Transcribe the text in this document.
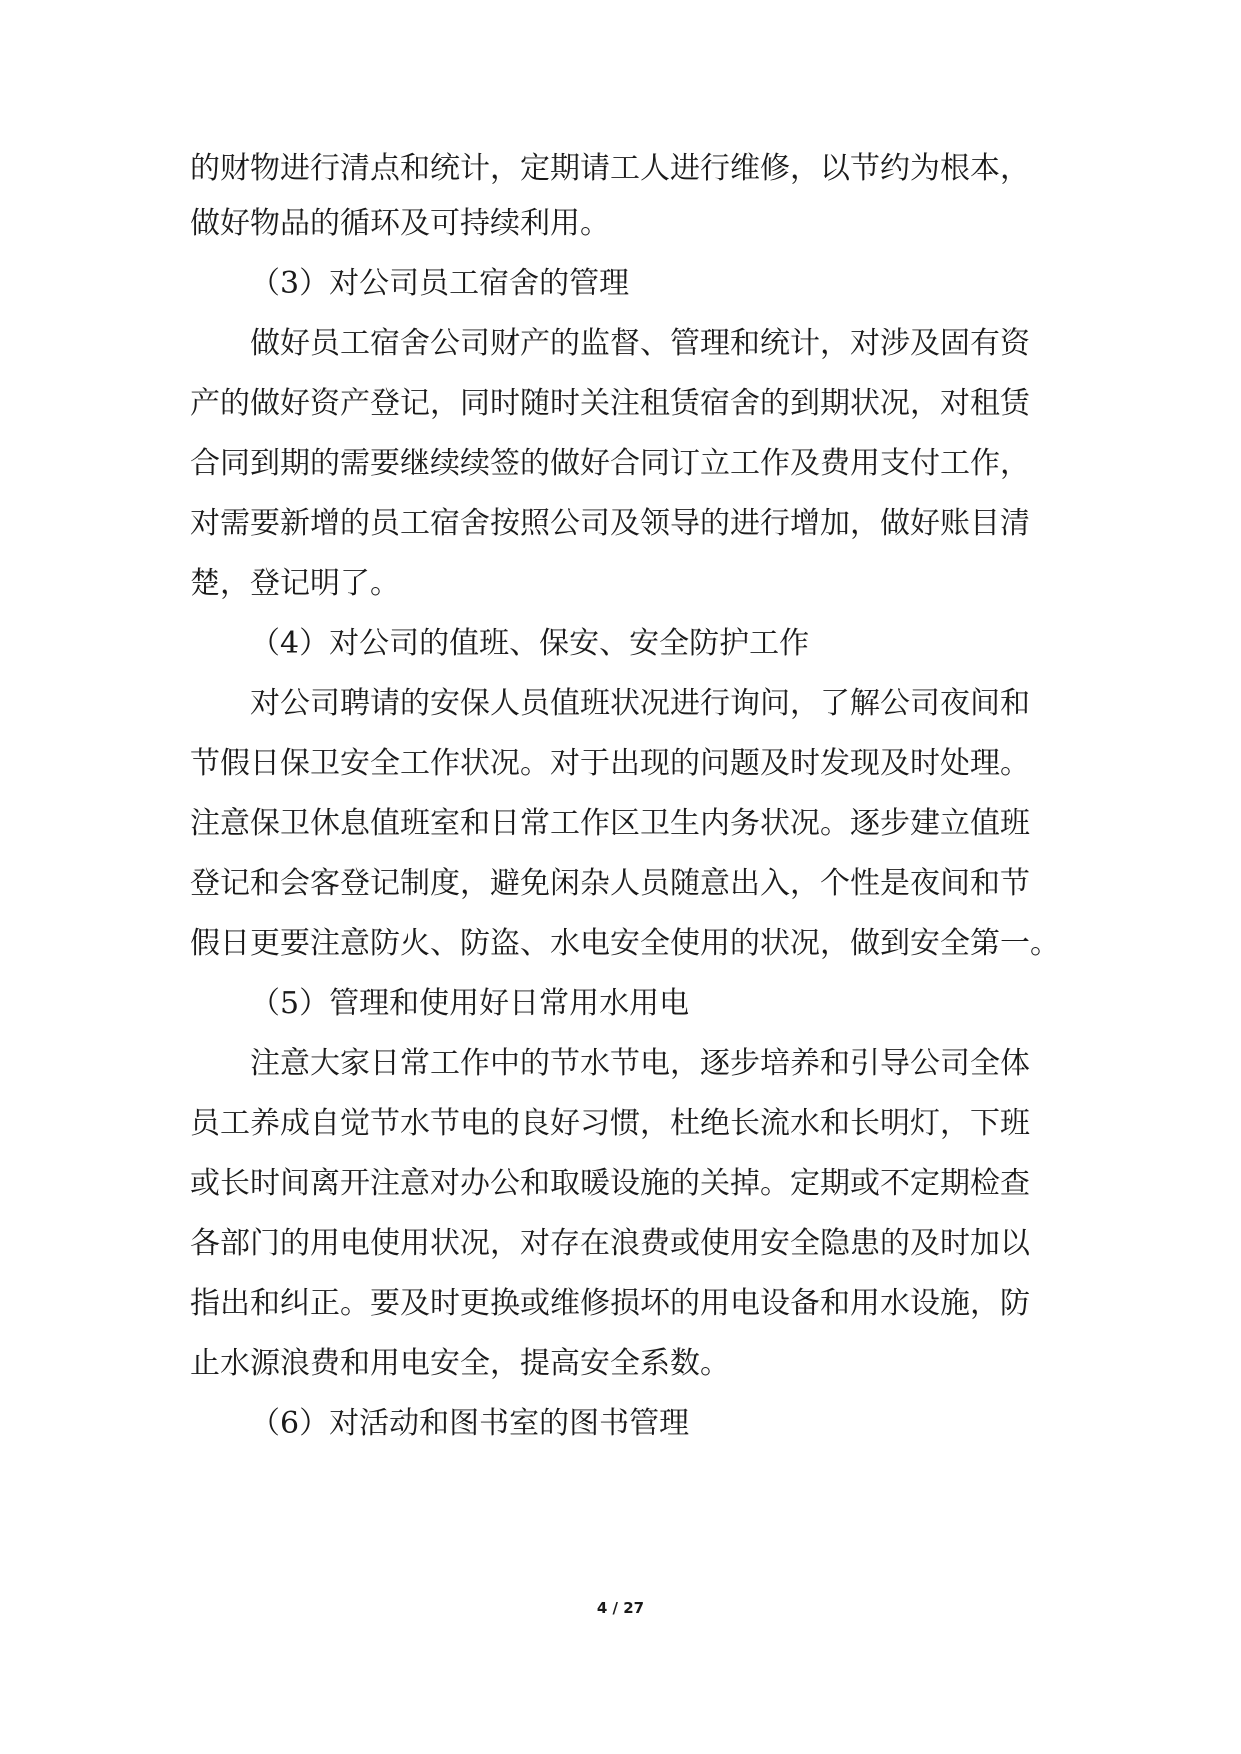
的财物进行清点和统计，定期请工人进行维修，以节约为根本，

做好物品的循环及可持续利用。

（3）对公司员工宿舍的管理

做好员工宿舍公司财产的监督、管理和统计，对涉及固有资

产的做好资产登记，同时随时关注租赁宿舍的到期状况，对租赁

合同到期的需要继续续签的做好合同订立工作及费用支付工作，

对需要新增的员工宿舍按照公司及领导的进行增加，做好账目清

楚，登记明了。

（4）对公司的值班、保安、安全防护工作

对公司聘请的安保人员值班状况进行询问，了解公司夜间和

节假日保卫安全工作状况。对于出现的问题及时发现及时处理。

注意保卫休息值班室和日常工作区卫生内务状况。逐步建立值班

登记和会客登记制度，避免闲杂人员随意出入，个性是夜间和节

假日更要注意防火、防盗、水电安全使用的状况，做到安全第一。

（5）管理和使用好日常用水用电

注意大家日常工作中的节水节电，逐步培养和引导公司全体

员工养成自觉节水节电的良好习惯，杜绝长流水和长明灯，下班

或长时间离开注意对办公和取暖设施的关掉。定期或不定期检查

各部门的用电使用状况，对存在浪费或使用安全隐患的及时加以

指出和纠正。要及时更换或维修损坏的用电设备和用水设施，防

止水源浪费和用电安全，提高安全系数。

（6）对活动和图书室的图书管理

4 / 27
